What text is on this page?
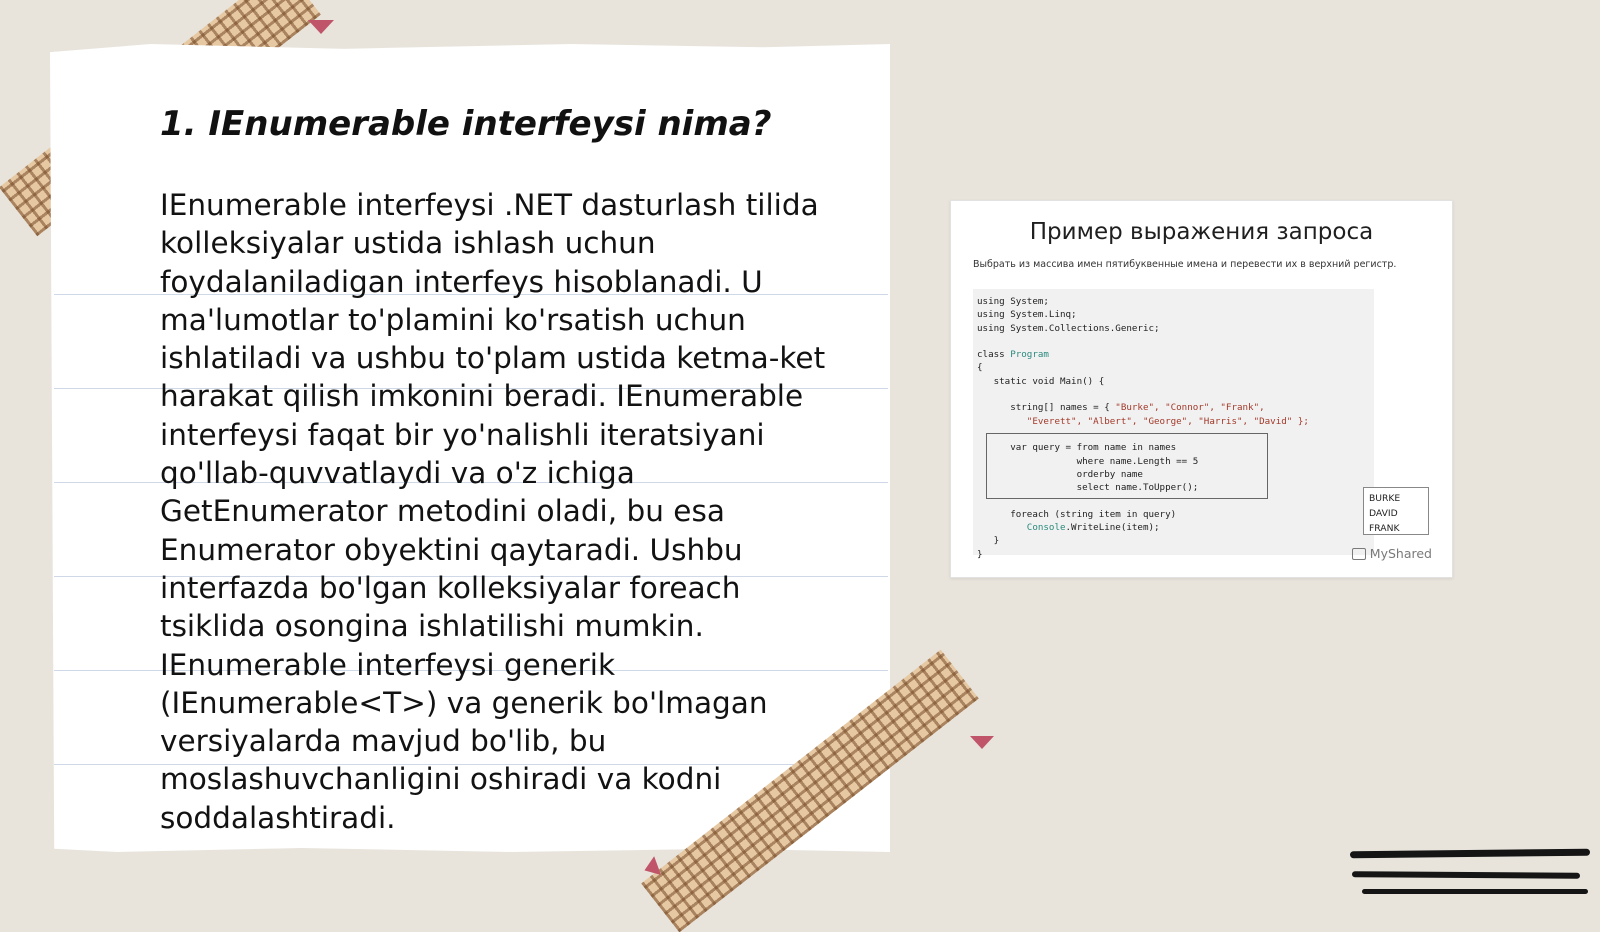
1. IEnumerable interfeysi nima?

IEnumerable interfeysi .NET dasturlash tilida kolleksiyalar ustida ishlash uchun foydalaniladigan interfeys hisoblanadi. U ma'lumotlar to'plamini ko'rsatish uchun ishlatiladi va ushbu to'plam ustida ketma-ket harakat qilish imkonini beradi. IEnumerable interfeysi faqat bir yo'nalishli iteratsiyani qo'llab-quvvatlaydi va o'z ichiga GetEnumerator metodini oladi, bu esa Enumerator obyektini qaytaradi. Ushbu interfazda bo'lgan kolleksiyalar foreach tsiklida osongina ishlatilishi mumkin. IEnumerable interfeysi generik (IEnumerable<T>) va generik bo'lmagan versiyalarda mavjud bo'lib, bu moslashuvchanligini oshiradi va kodni soddalashtiradi.

Пример выражения запроса
Выбрать из массива имен пятибуквенные имена и перевести их в верхний регистр.
using System;
using System.Linq;
using System.Collections.Generic;

class Program
{
static void Main() {

string[] names = { "Burke", "Connor", "Frank",
"Everett", "Albert", "George", "Harris", "David" };

var query = from name in names
where name.Length == 5
orderby name
select name.ToUpper();

foreach (string item in query)
Console.WriteLine(item);
}
}
BURKE
DAVID
FRANK
MyShared
